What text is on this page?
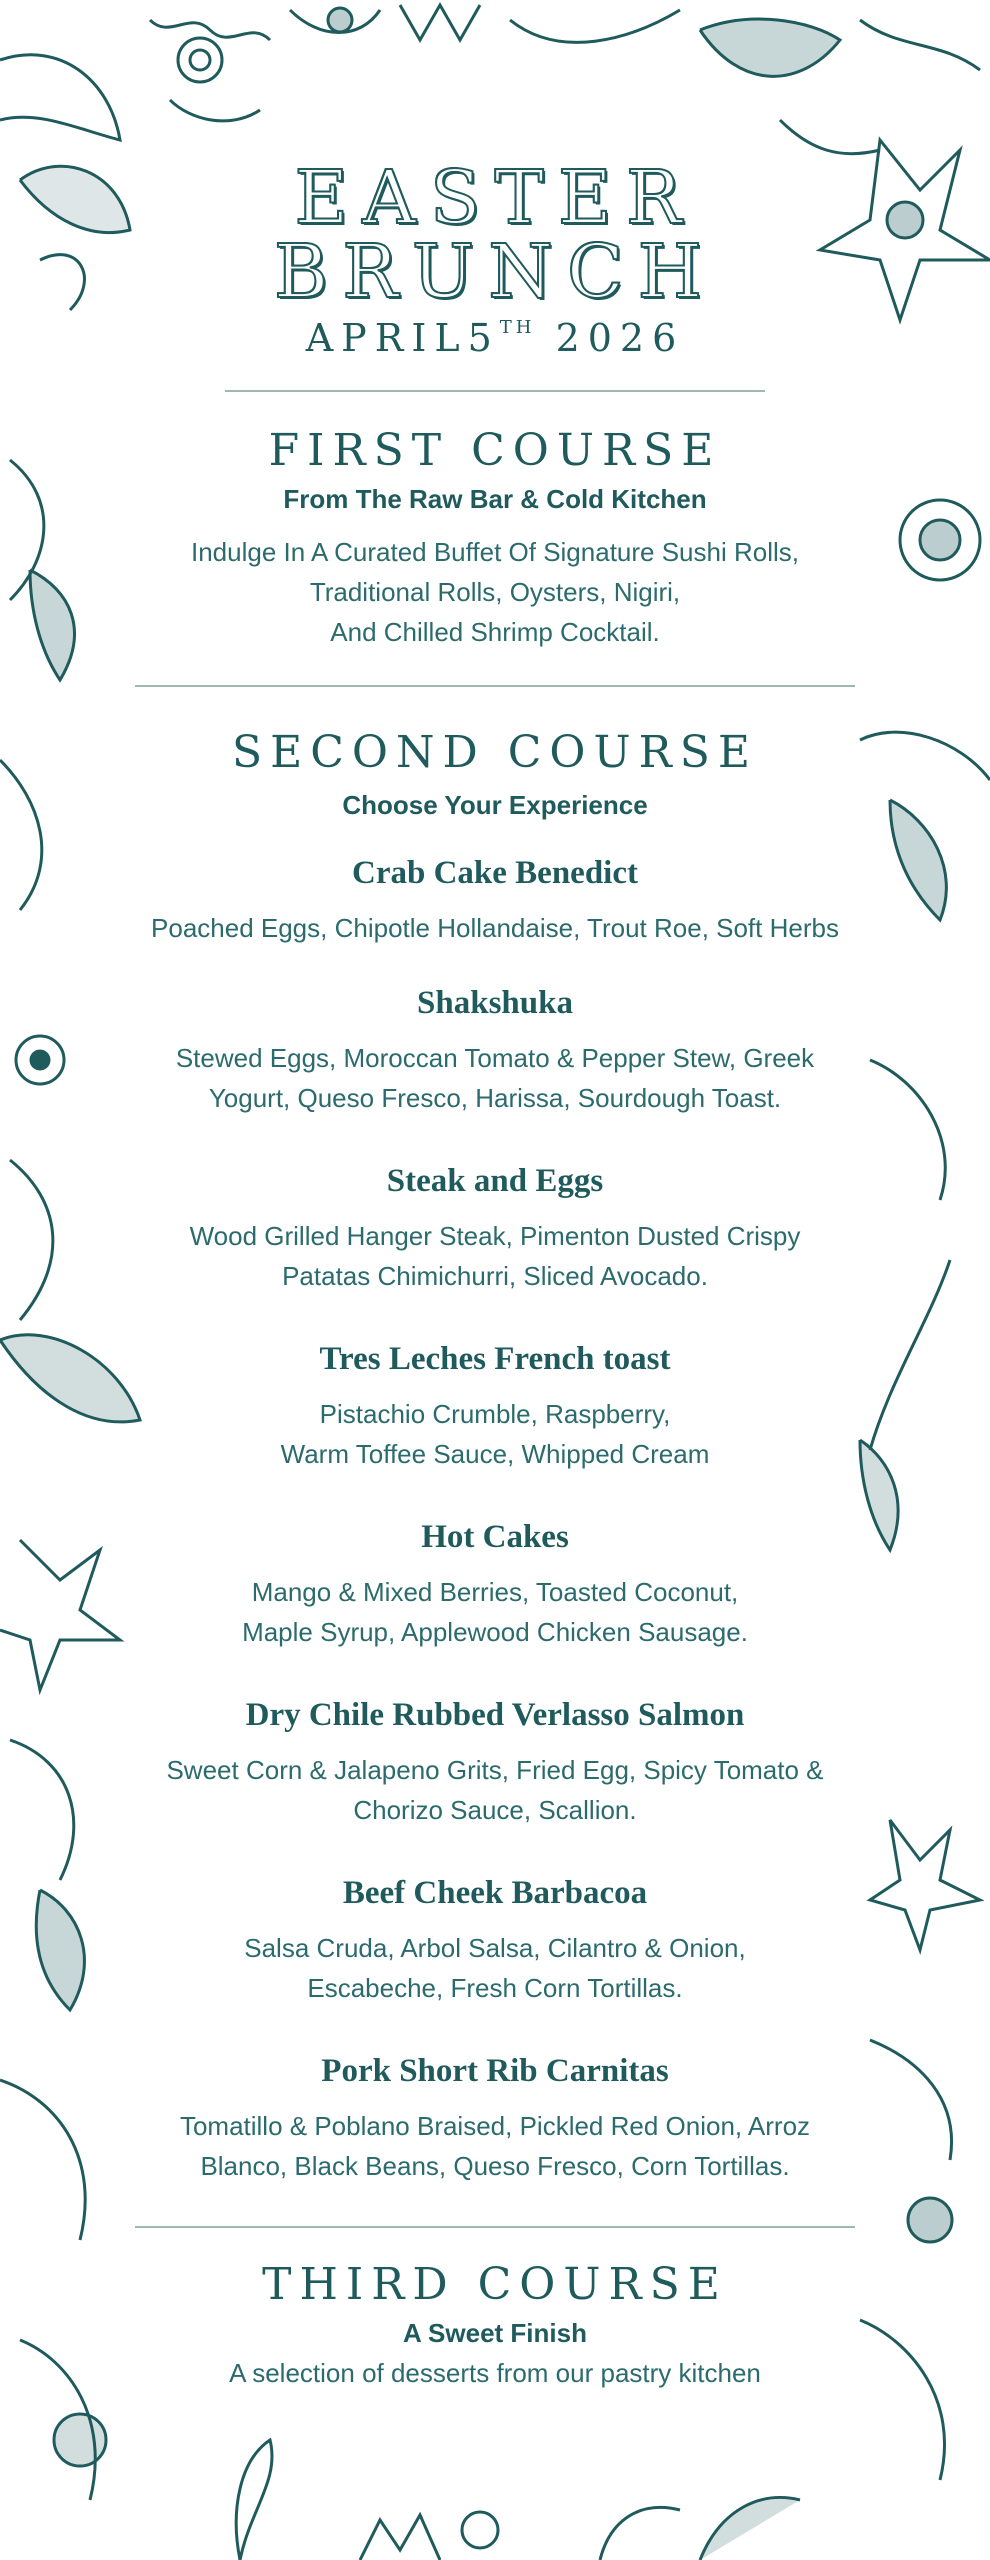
EASTER
BRUNCH
APRIL5TH 2026
FIRST COURSE
From The Raw Bar & Cold Kitchen
Indulge In A Curated Buffet Of Signature Sushi Rolls,
Traditional Rolls, Oysters, Nigiri,
And Chilled Shrimp Cocktail.
SECOND COURSE
Choose Your Experience
Crab Cake Benedict
Poached Eggs, Chipotle Hollandaise, Trout Roe, Soft Herbs
Shakshuka
Stewed Eggs, Moroccan Tomato & Pepper Stew, Greek
Yogurt, Queso Fresco, Harissa, Sourdough Toast.
Steak and Eggs
Wood Grilled Hanger Steak, Pimenton Dusted Crispy
Patatas Chimichurri, Sliced Avocado.
Tres Leches French toast
Pistachio Crumble, Raspberry,
Warm Toffee Sauce, Whipped Cream
Hot Cakes
Mango & Mixed Berries, Toasted Coconut,
Maple Syrup, Applewood Chicken Sausage.
Dry Chile Rubbed Verlasso Salmon
Sweet Corn & Jalapeno Grits, Fried Egg, Spicy Tomato &
Chorizo Sauce, Scallion.
Beef Cheek Barbacoa
Salsa Cruda, Arbol Salsa, Cilantro & Onion,
Escabeche, Fresh Corn Tortillas.
Pork Short Rib Carnitas
Tomatillo & Poblano Braised, Pickled Red Onion, Arroz
Blanco, Black Beans, Queso Fresco, Corn Tortillas.
THIRD COURSE
A Sweet Finish
A selection of desserts from our pastry kitchen
